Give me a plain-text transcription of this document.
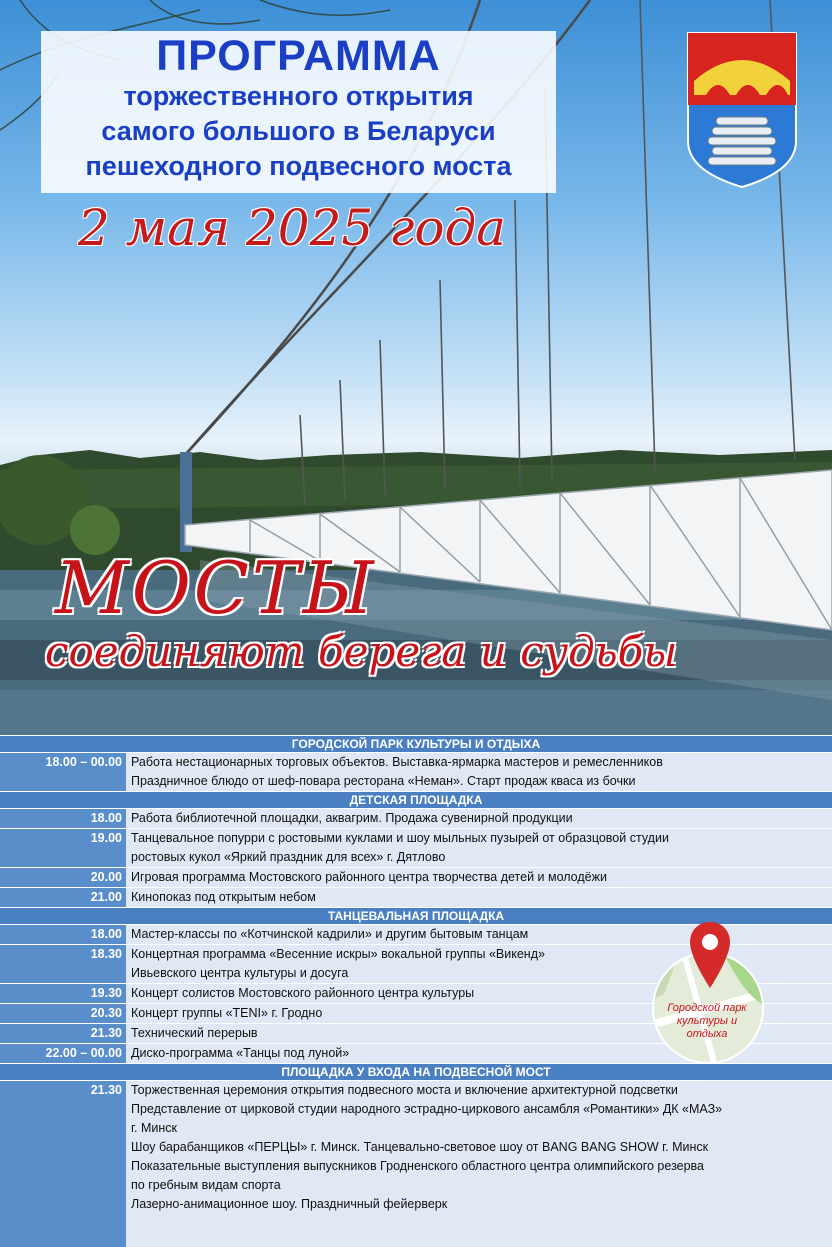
ПРОГРАММА
торжественного открытия
самого большого в Беларуси
пешеходного подвесного моста
2 мая 2025 года
МОСТЫ
соединяют берега и судьбы
ГОРОДСКОЙ ПАРК КУЛЬТУРЫ И ОТДЫХА
18.00 – 00.00 Работа нестационарных торговых объектов. Выставка-ярмарка мастеров и ремесленников
Праздничное блюдо от шеф-повара ресторана «Неман». Старт продаж кваса из бочки
ДЕТСКАЯ ПЛОЩАДКА
18.00 Работа библиотечной площадки, аквагрим. Продажа сувенирной продукции
19.00 Танцевальное попурри с ростовыми куклами и шоу мыльных пузырей от образцовой студии
ростовых кукол «Яркий праздник для всех» г. Дятлово
20.00 Игровая программа Мостовского районного центра творчества детей и молодёжи
21.00 Кинопоказ под открытым небом
ТАНЦЕВАЛЬНАЯ ПЛОЩАДКА
18.00 Мастер-классы по «Котчинской кадрили» и другим бытовым танцам
18.30 Концертная программа «Весенние искры» вокальной группы «Викенд»
Ивьевского центра культуры и досуга
19.30 Концерт солистов Мостовского районного центра культуры
20.30 Концерт группы «TENI» г. Гродно
21.30 Технический перерыв
22.00 – 00.00 Диско-программа «Танцы под луной»
ПЛОЩАДКА У ВХОДА НА ПОДВЕСНОЙ МОСТ
21.30 Торжественная церемония открытия подвесного моста и включение архитектурной подсветки
Представление от цирковой студии народного эстрадно-циркового ансамбля «Романтики» ДК «МАЗ»
г. Минск
Шоу барабанщиков «ПЕРЦЫ» г. Минск. Танцевально-световое шоу от BANG BANG SHOW г. Минск
Показательные выступления выпускников Гродненского областного центра олимпийского резерва
по гребным видам спорта
Лазерно-анимационное шоу. Праздничный фейерверк
Городской парк
культуры и
отдыха
